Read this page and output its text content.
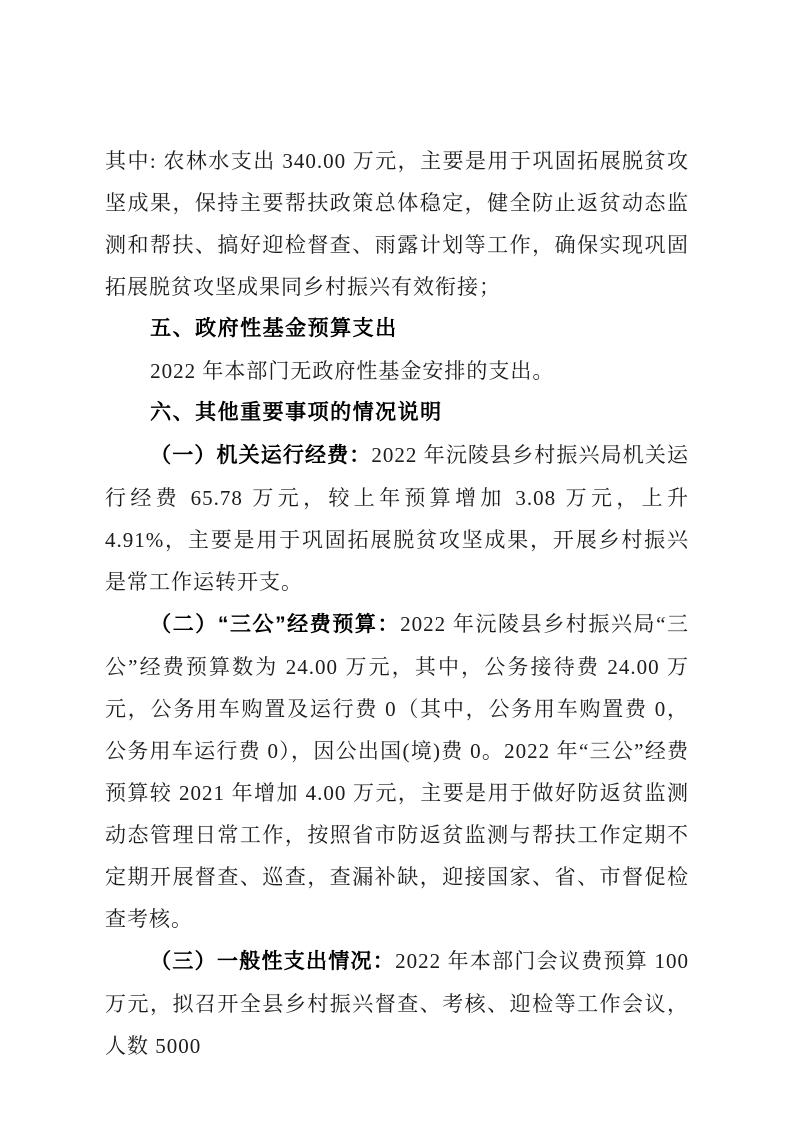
其中: 农林水支出 340.00 万元，主要是用于巩固拓展脱贫攻坚成果，保持主要帮扶政策总体稳定，健全防止返贫动态监测和帮扶、搞好迎检督查、雨露计划等工作，确保实现巩固拓展脱贫攻坚成果同乡村振兴有效衔接；

五、政府性基金预算支出

2022 年本部门无政府性基金安排的支出。

六、其他重要事项的情况说明

（一）机关运行经费：2022 年沅陵县乡村振兴局机关运行经费 65.78 万元，较上年预算增加 3.08 万元，上升 4.91%，主要是用于巩固拓展脱贫攻坚成果，开展乡村振兴是常工作运转开支。

（二）“三公”经费预算：2022 年沅陵县乡村振兴局“三公”经费预算数为 24.00 万元，其中，公务接待费 24.00 万元，公务用车购置及运行费 0（其中，公务用车购置费 0，公务用车运行费 0），因公出国(境)费 0。2022 年“三公”经费预算较 2021 年增加 4.00 万元，主要是用于做好防返贫监测动态管理日常工作，按照省市防返贫监测与帮扶工作定期不定期开展督查、巡查，查漏补缺，迎接国家、省、市督促检查考核。

（三）一般性支出情况：2022 年本部门会议费预算 100 万元，拟召开全县乡村振兴督查、考核、迎检等工作会议，人数 5000
